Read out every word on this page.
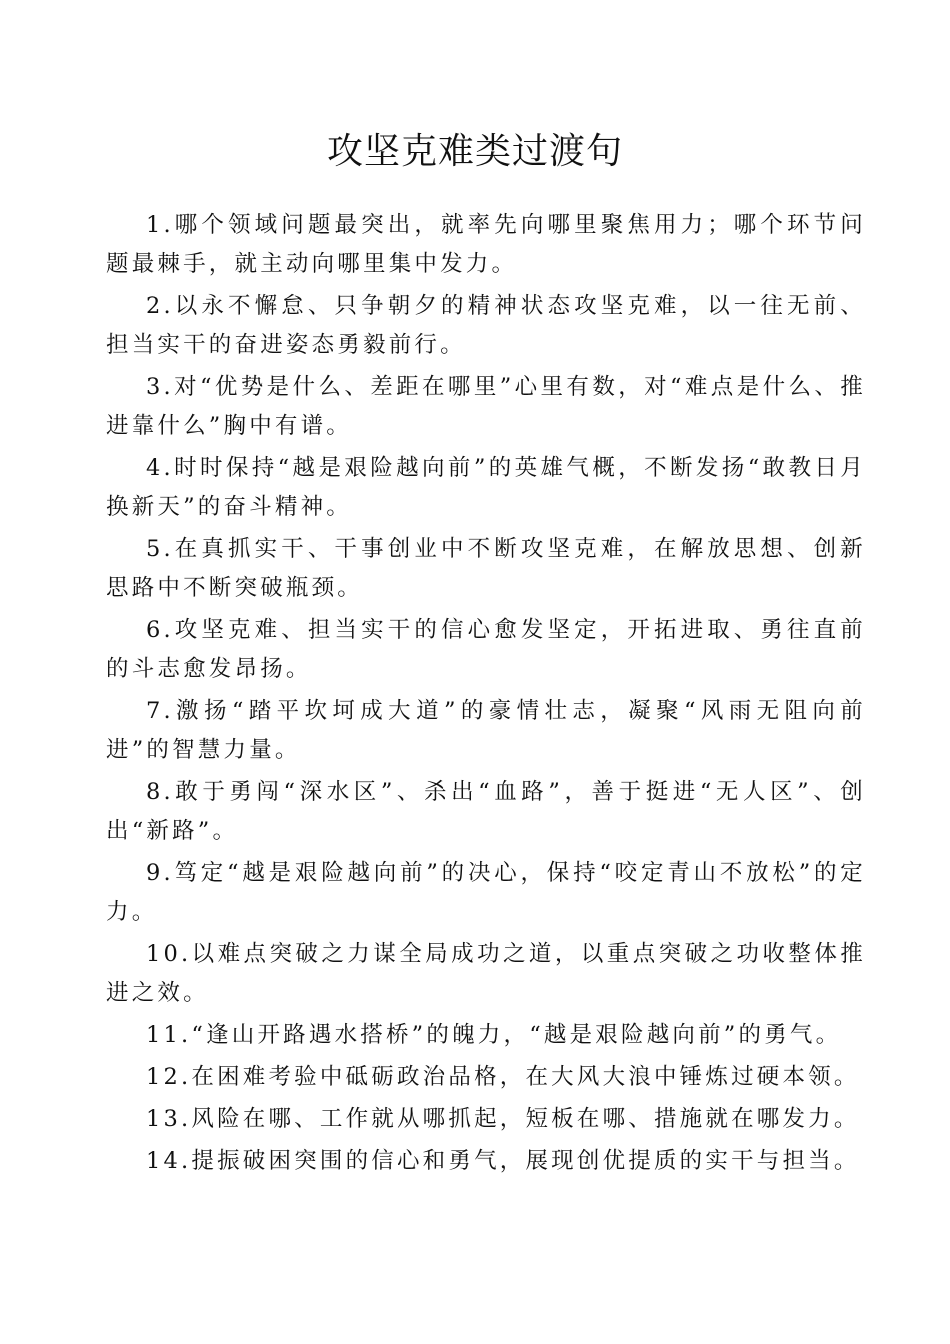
攻坚克难类过渡句

1.哪个领域问题最突出，就率先向哪里聚焦用力；哪个环节问题最棘手，就主动向哪里集中发力。

2.以永不懈怠、只争朝夕的精神状态攻坚克难，以一往无前、担当实干的奋进姿态勇毅前行。

3.对“优势是什么、差距在哪里”心里有数，对“难点是什么、推进靠什么”胸中有谱。

4.时时保持“越是艰险越向前”的英雄气概，不断发扬“敢教日月换新天”的奋斗精神。

5.在真抓实干、干事创业中不断攻坚克难，在解放思想、创新思路中不断突破瓶颈。

6.攻坚克难、担当实干的信心愈发坚定，开拓进取、勇往直前的斗志愈发昂扬。

7.激扬“踏平坎坷成大道”的豪情壮志，凝聚“风雨无阻向前进”的智慧力量。

8.敢于勇闯“深水区”、杀出“血路”，善于挺进“无人区”、创出“新路”。

9.笃定“越是艰险越向前”的决心，保持“咬定青山不放松”的定力。

10.以难点突破之力谋全局成功之道，以重点突破之功收整体推进之效。

11.“逢山开路遇水搭桥”的魄力，“越是艰险越向前”的勇气。

12.在困难考验中砥砺政治品格，在大风大浪中锤炼过硬本领。

13.风险在哪、工作就从哪抓起，短板在哪、措施就在哪发力。

14.提振破困突围的信心和勇气，展现创优提质的实干与担当。
